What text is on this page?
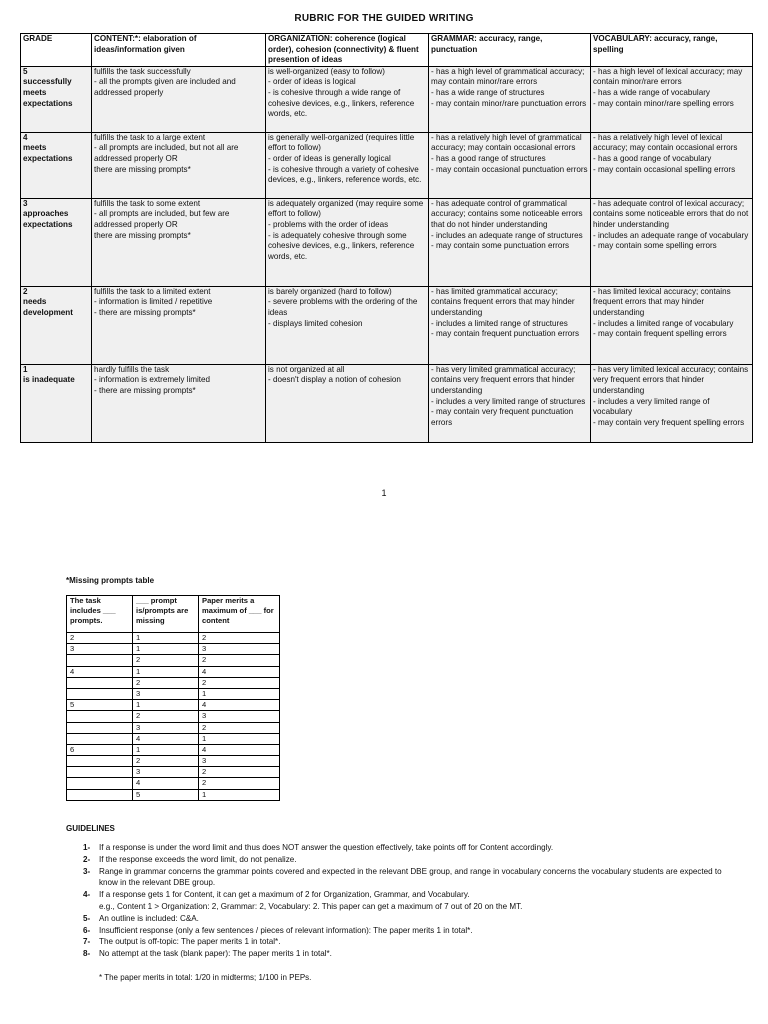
RUBRIC FOR THE GUIDED WRITING
GRADE	CONTENT:*: elaboration of ideas/information given	ORGANIZATION: coherence (logical order), cohesion (connectivity) & fluent presention of ideas	GRAMMAR: accuracy, range, punctuation	VOCABULARY: accuracy, range, spelling

5
successfully
meets
expectations	fulfills the task successfully
- all the prompts given are included and addressed properly	is well-organized (easy to follow)
- order of ideas is logical
- is cohesive through a wide range of cohesive devices, e.g., linkers, reference words, etc.	- has a high level of grammatical accuracy; may contain minor/rare errors
- has a wide range of structures
- may contain minor/rare punctuation errors	- has a high level of lexical accuracy; may contain minor/rare errors
- has a wide range of vocabulary
- may contain minor/rare spelling errors

4
meets
expectations	fulfills the task to a large extent
- all prompts are included, but not all are addressed properly OR
there are missing prompts*	is generally well-organized (requires little effort to follow)
- order of ideas is generally logical
- is cohesive through a variety of cohesive devices, e.g., linkers, reference words, etc.	- has a relatively high level of grammatical accuracy; may contain occasional errors
- has a good range of structures
- may contain occasional punctuation errors	- has a relatively high level of lexical accuracy; may contain occasional errors
- has a good range of vocabulary
- may contain occasional spelling errors

3
approaches
expectations	fulfills the task to some extent
- all prompts are included, but few are addressed properly OR
there are missing prompts*	is adequately organized (may require some effort to follow)
- problems with the order of ideas
- is adequately cohesive through some cohesive devices, e.g., linkers, reference words, etc.	- has adequate control of grammatical accuracy; contains some noticeable errors that do not hinder understanding
- includes an adequate range of structures
- may contain some punctuation errors	- has adequate control of lexical accuracy; contains some noticeable errors that do not hinder understanding
- includes an adequate range of vocabulary
- may contain some spelling errors

2
needs
development	fulfills the task to a limited extent
- information is limited / repetitive
- there are missing prompts*	is barely organized (hard to follow)
- severe problems with the ordering of the ideas
- displays limited cohesion	- has limited grammatical accuracy; contains frequent errors that may hinder understanding
- includes a limited range of structures
- may contain frequent punctuation errors	- has limited lexical accuracy; contains frequent errors that may hinder understanding
- includes a limited range of vocabulary
- may contain frequent spelling errors

1
is inadequate	hardly fulfills the task
- information is extremely limited
- there are missing prompts*	is not organized at all
- doesn't display a notion of cohesion	- has very limited grammatical accuracy; contains very frequent errors that hinder understanding
- includes a very limited range of structures
- may contain very frequent punctuation errors	- has very limited lexical accuracy; contains very frequent errors that hinder understanding
- includes a very limited range of vocabulary
- may contain very frequent spelling errors
1
*Missing prompts table
The task includes ___ prompts.	___ prompt is/prompts are missing	Paper merits a maximum of ___ for content
2	1	2
3	1	3
	2	2
4	1	4
	2	2
	3	1
5	1	4
	2	3
	3	2
	4	1
6	1	4
	2	3
	3	2
	4	2
	5	1
GUIDELINES
1- If a response is under the word limit and thus does NOT answer the question effectively, take points off for Content accordingly.
2- If the response exceeds the word limit, do not penalize.
3- Range in grammar concerns the grammar points covered and expected in the relevant DBE group, and range in vocabulary concerns the vocabulary students are expected to know in the relevant DBE group.
4- If a response gets 1 for Content, it can get a maximum of 2 for Organization, Grammar, and Vocabulary.
e.g., Content 1 > Organization: 2, Grammar: 2, Vocabulary: 2. This paper can get a maximum of 7 out of 20 on the MT.
5- An outline is included: C&A.
6- Insufficient response (only a few sentences / pieces of relevant information): The paper merits 1 in total*.
7- The output is off-topic: The paper merits 1 in total*.
8- No attempt at the task (blank paper): The paper merits 1 in total*.
* The paper merits in total: 1/20 in midterms; 1/100 in PEPs.
